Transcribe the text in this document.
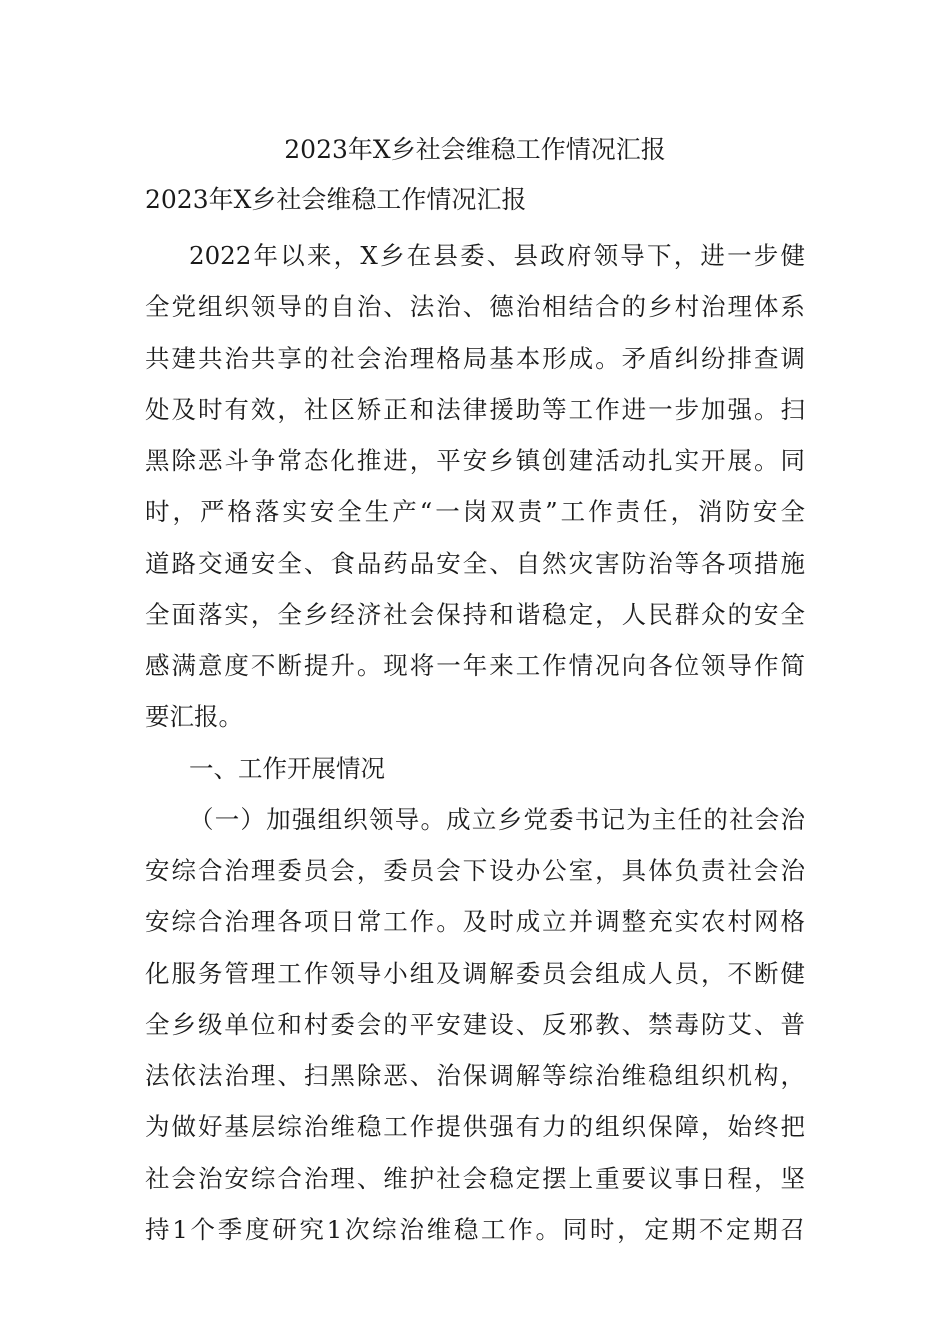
2023年X乡社会维稳工作情况汇报
2023年X乡社会维稳工作情况汇报
2022年以来，X乡在县委、县政府领导下，进一步健
全党组织领导的自治、法治、德治相结合的乡村治理体系
共建共治共享的社会治理格局基本形成。矛盾纠纷排查调
处及时有效，社区矫正和法律援助等工作进一步加强。扫
黑除恶斗争常态化推进，平安乡镇创建活动扎实开展。同
时，严格落实安全生产“一岗双责”工作责任，消防安全
道路交通安全、食品药品安全、自然灾害防治等各项措施
全面落实，全乡经济社会保持和谐稳定，人民群众的安全
感满意度不断提升。现将一年来工作情况向各位领导作简
要汇报。
一、工作开展情况
（一）加强组织领导。成立乡党委书记为主任的社会治
安综合治理委员会，委员会下设办公室，具体负责社会治
安综合治理各项日常工作。及时成立并调整充实农村网格
化服务管理工作领导小组及调解委员会组成人员，不断健
全乡级单位和村委会的平安建设、反邪教、禁毒防艾、普
法依法治理、扫黑除恶、治保调解等综治维稳组织机构，
为做好基层综治维稳工作提供强有力的组织保障，始终把
社会治安综合治理、维护社会稳定摆上重要议事日程，坚
持1个季度研究1次综治维稳工作。同时，定期不定期召
